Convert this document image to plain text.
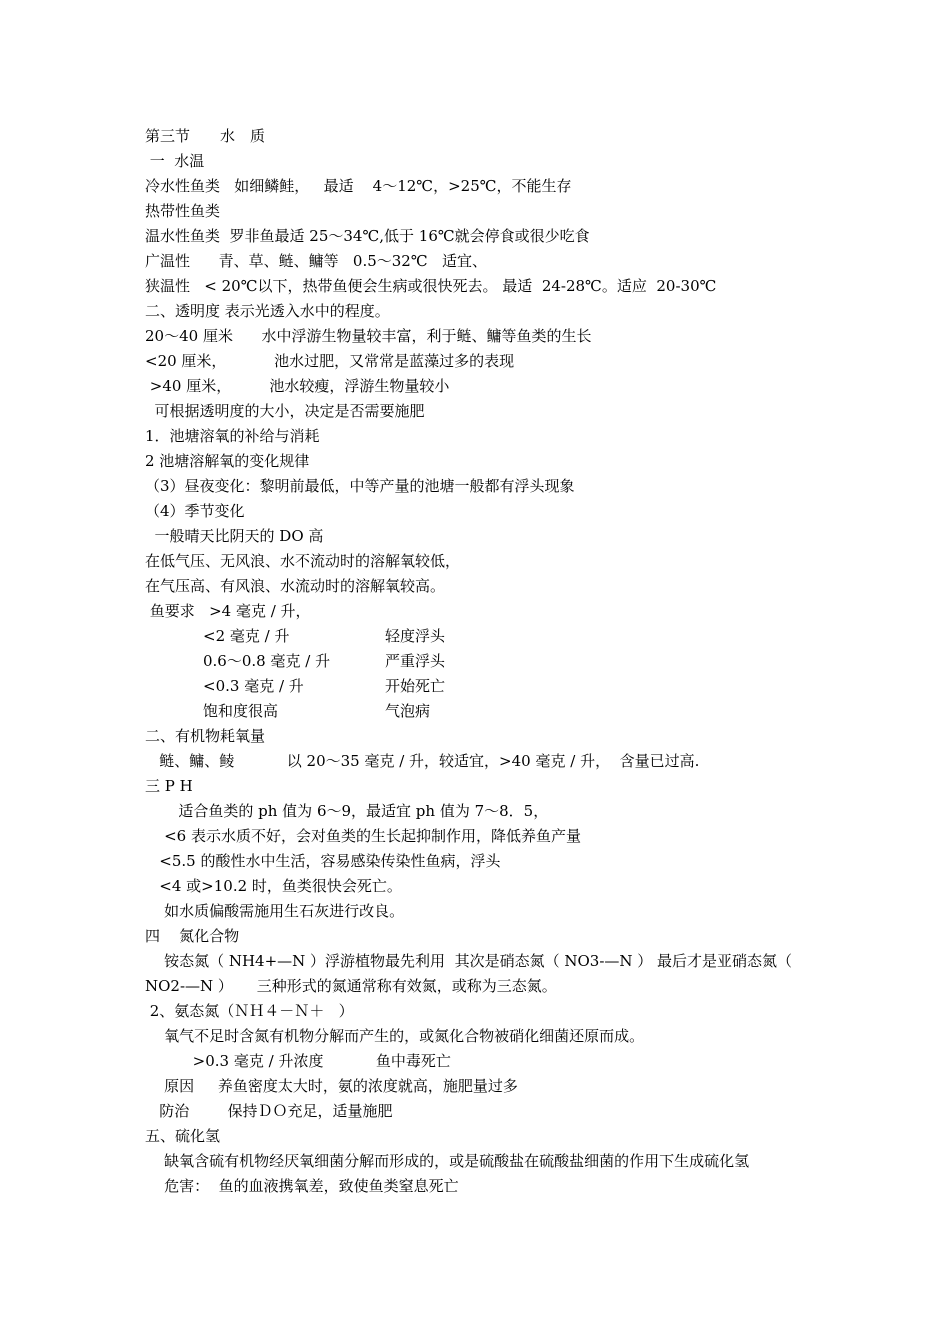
第三节　　水　质
一  水温
冷水性鱼类   如细鳞鲑，   最适    4～12℃，>25℃，不能生存
热带性鱼类
温水性鱼类  罗非鱼最适 25～34℃,低于 16℃就会停食或很少吃食
广温性      青、草、鲢、鳙等   0.5～32℃   适宜、
狭温性   < 20℃以下，热带鱼便会生病或很快死去。 最适  24-28℃。适应  20-30℃
二、透明度 表示光透入水中的程度。
20～40 厘米      水中浮游生物量较丰富，利于鲢、鳙等鱼类的生长
<20 厘米，          池水过肥，又常常是蓝藻过多的表现
>40 厘米，        池水较瘦，浮游生物量较小
可根据透明度的大小，决定是否需要施肥
1．池塘溶氧的补给与消耗
2 池塘溶解氧的变化规律
（3）昼夜变化：黎明前最低，中等产量的池塘一般都有浮头现象
（4）季节变化
一般晴天比阴天的 DO 高
在低气压、无风浪、水不流动时的溶解氧较低，
在气压高、有风浪、水流动时的溶解氧较高。
鱼要求   >4 毫克 / 升，
<2 毫克 / 升	轻度浮头
0.6～0.8 毫克 / 升	严重浮头
<0.3 毫克 / 升	开始死亡
饱和度很高	气泡病
二、有机物耗氧量
鲢、鳙、鲮           以 20～35 毫克 / 升，较适宜，>40 毫克 / 升，  含量已过高.
三 P H
适合鱼类的 ph 值为 6～9，最适宜 ph 值为 7～8．5，
<6 表示水质不好，会对鱼类的生长起抑制作用，降低养鱼产量
<5.5 的酸性水中生活，容易感染传染性鱼病，浮头
<4 或>10.2 时，鱼类很快会死亡。
如水质偏酸需施用生石灰进行改良。
四    氮化合物
铵态氮（ NH4+—N ）浮游植物最先利用  其次是硝态氮（ NO3-—N ） 最后才是亚硝态氮（ NO2-—N ）     三种形式的氮通常称有效氮，或称为三态氮。
2、氨态氮（ＮＨ４－Ｎ＋   ）
氧气不足时含氮有机物分解而产生的，或氮化合物被硝化细菌还原而成。
>0.3 毫克 / 升浓度           鱼中毒死亡
原因     养鱼密度太大时，氨的浓度就高，施肥量过多
防治        保持ＤＯ充足，适量施肥
五、硫化氢
缺氧含硫有机物经厌氧细菌分解而形成的，或是硫酸盐在硫酸盐细菌的作用下生成硫化氢
危害：  鱼的血液携氧差，致使鱼类窒息死亡
